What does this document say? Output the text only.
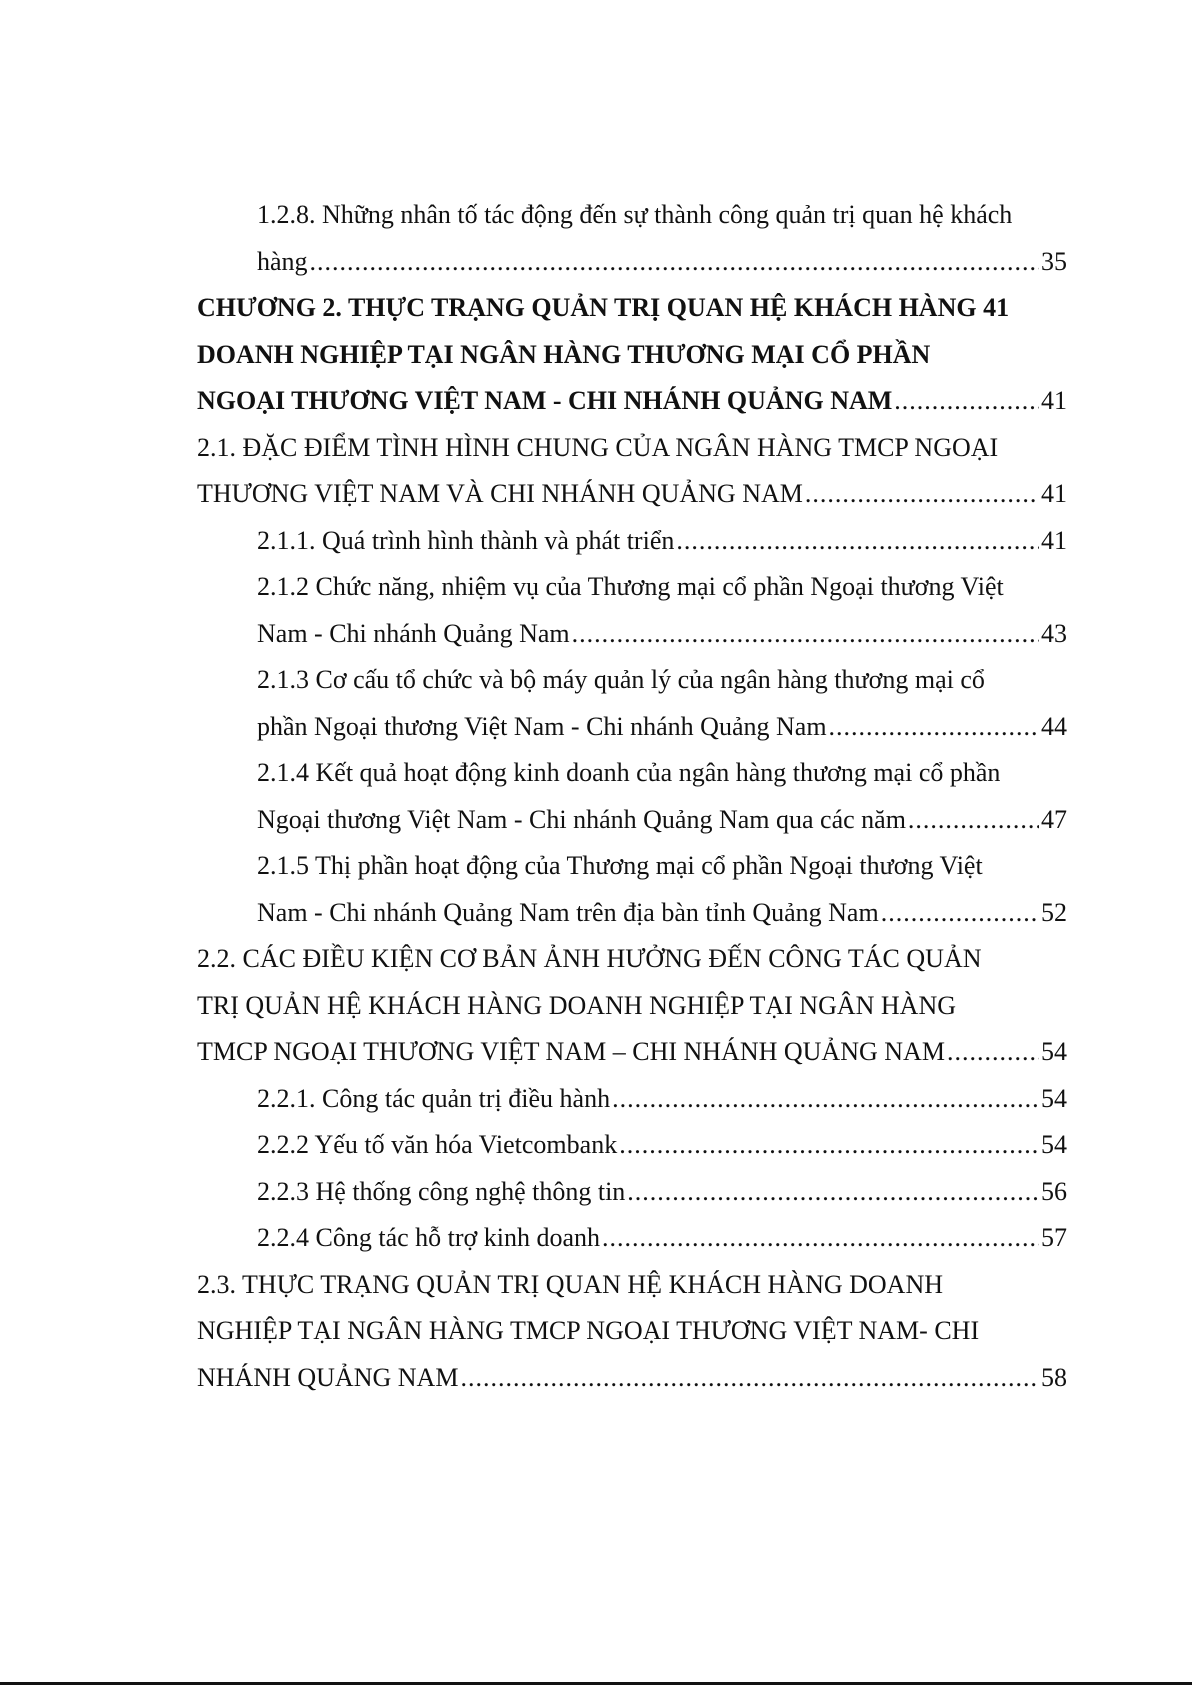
1.2.8. Những nhân tố tác động đến sự thành công quản trị quan hệ khách
hàng .....	35
CHƯƠNG 2. THỰC TRẠNG QUẢN TRỊ QUAN HỆ KHÁCH HÀNG 41
DOANH NGHIỆP TẠI NGÂN HÀNG THƯƠNG MẠI CỔ PHẦN
NGOẠI THƯƠNG VIỆT NAM - CHI NHÁNH QUẢNG NAM .....	41
2.1. ĐẶC ĐIỂM TÌNH HÌNH CHUNG CỦA NGÂN HÀNG TMCP NGOẠI
THƯƠNG VIỆT NAM VÀ CHI NHÁNH QUẢNG NAM .....	41
2.1.1. Quá trình hình thành và phát triển .....	41
2.1.2 Chức năng, nhiệm vụ của Thương mại cổ phần Ngoại thương Việt
Nam - Chi nhánh Quảng Nam .....	43
2.1.3 Cơ cấu tổ chức và bộ máy quản lý của ngân hàng thương mại cổ
phần Ngoại thương Việt Nam - Chi nhánh Quảng Nam .....	44
2.1.4 Kết quả hoạt động kinh doanh của ngân hàng thương mại cổ phần
Ngoại thương Việt Nam - Chi nhánh Quảng Nam qua các năm .....	47
2.1.5 Thị phần hoạt động của Thương mại cổ phần Ngoại thương Việt
Nam - Chi nhánh Quảng Nam trên địa bàn tỉnh Quảng Nam .....	52
2.2. CÁC ĐIỀU KIỆN CƠ BẢN ẢNH HƯỞNG ĐẾN CÔNG TÁC QUẢN
TRỊ QUẢN HỆ KHÁCH HÀNG DOANH NGHIỆP TẠI NGÂN HÀNG
TMCP NGOẠI THƯƠNG VIỆT NAM – CHI NHÁNH QUẢNG NAM .....	54
2.2.1. Công tác quản trị điều hành .....	54
2.2.2 Yếu tố văn hóa Vietcombank .....	54
2.2.3 Hệ thống công nghệ thông tin .....	56
2.2.4 Công tác hỗ trợ kinh doanh .....	57
2.3. THỰC TRẠNG QUẢN TRỊ QUAN HỆ KHÁCH HÀNG DOANH
NGHIỆP TẠI NGÂN HÀNG TMCP NGOẠI THƯƠNG VIỆT NAM- CHI
NHÁNH QUẢNG NAM .....	58
